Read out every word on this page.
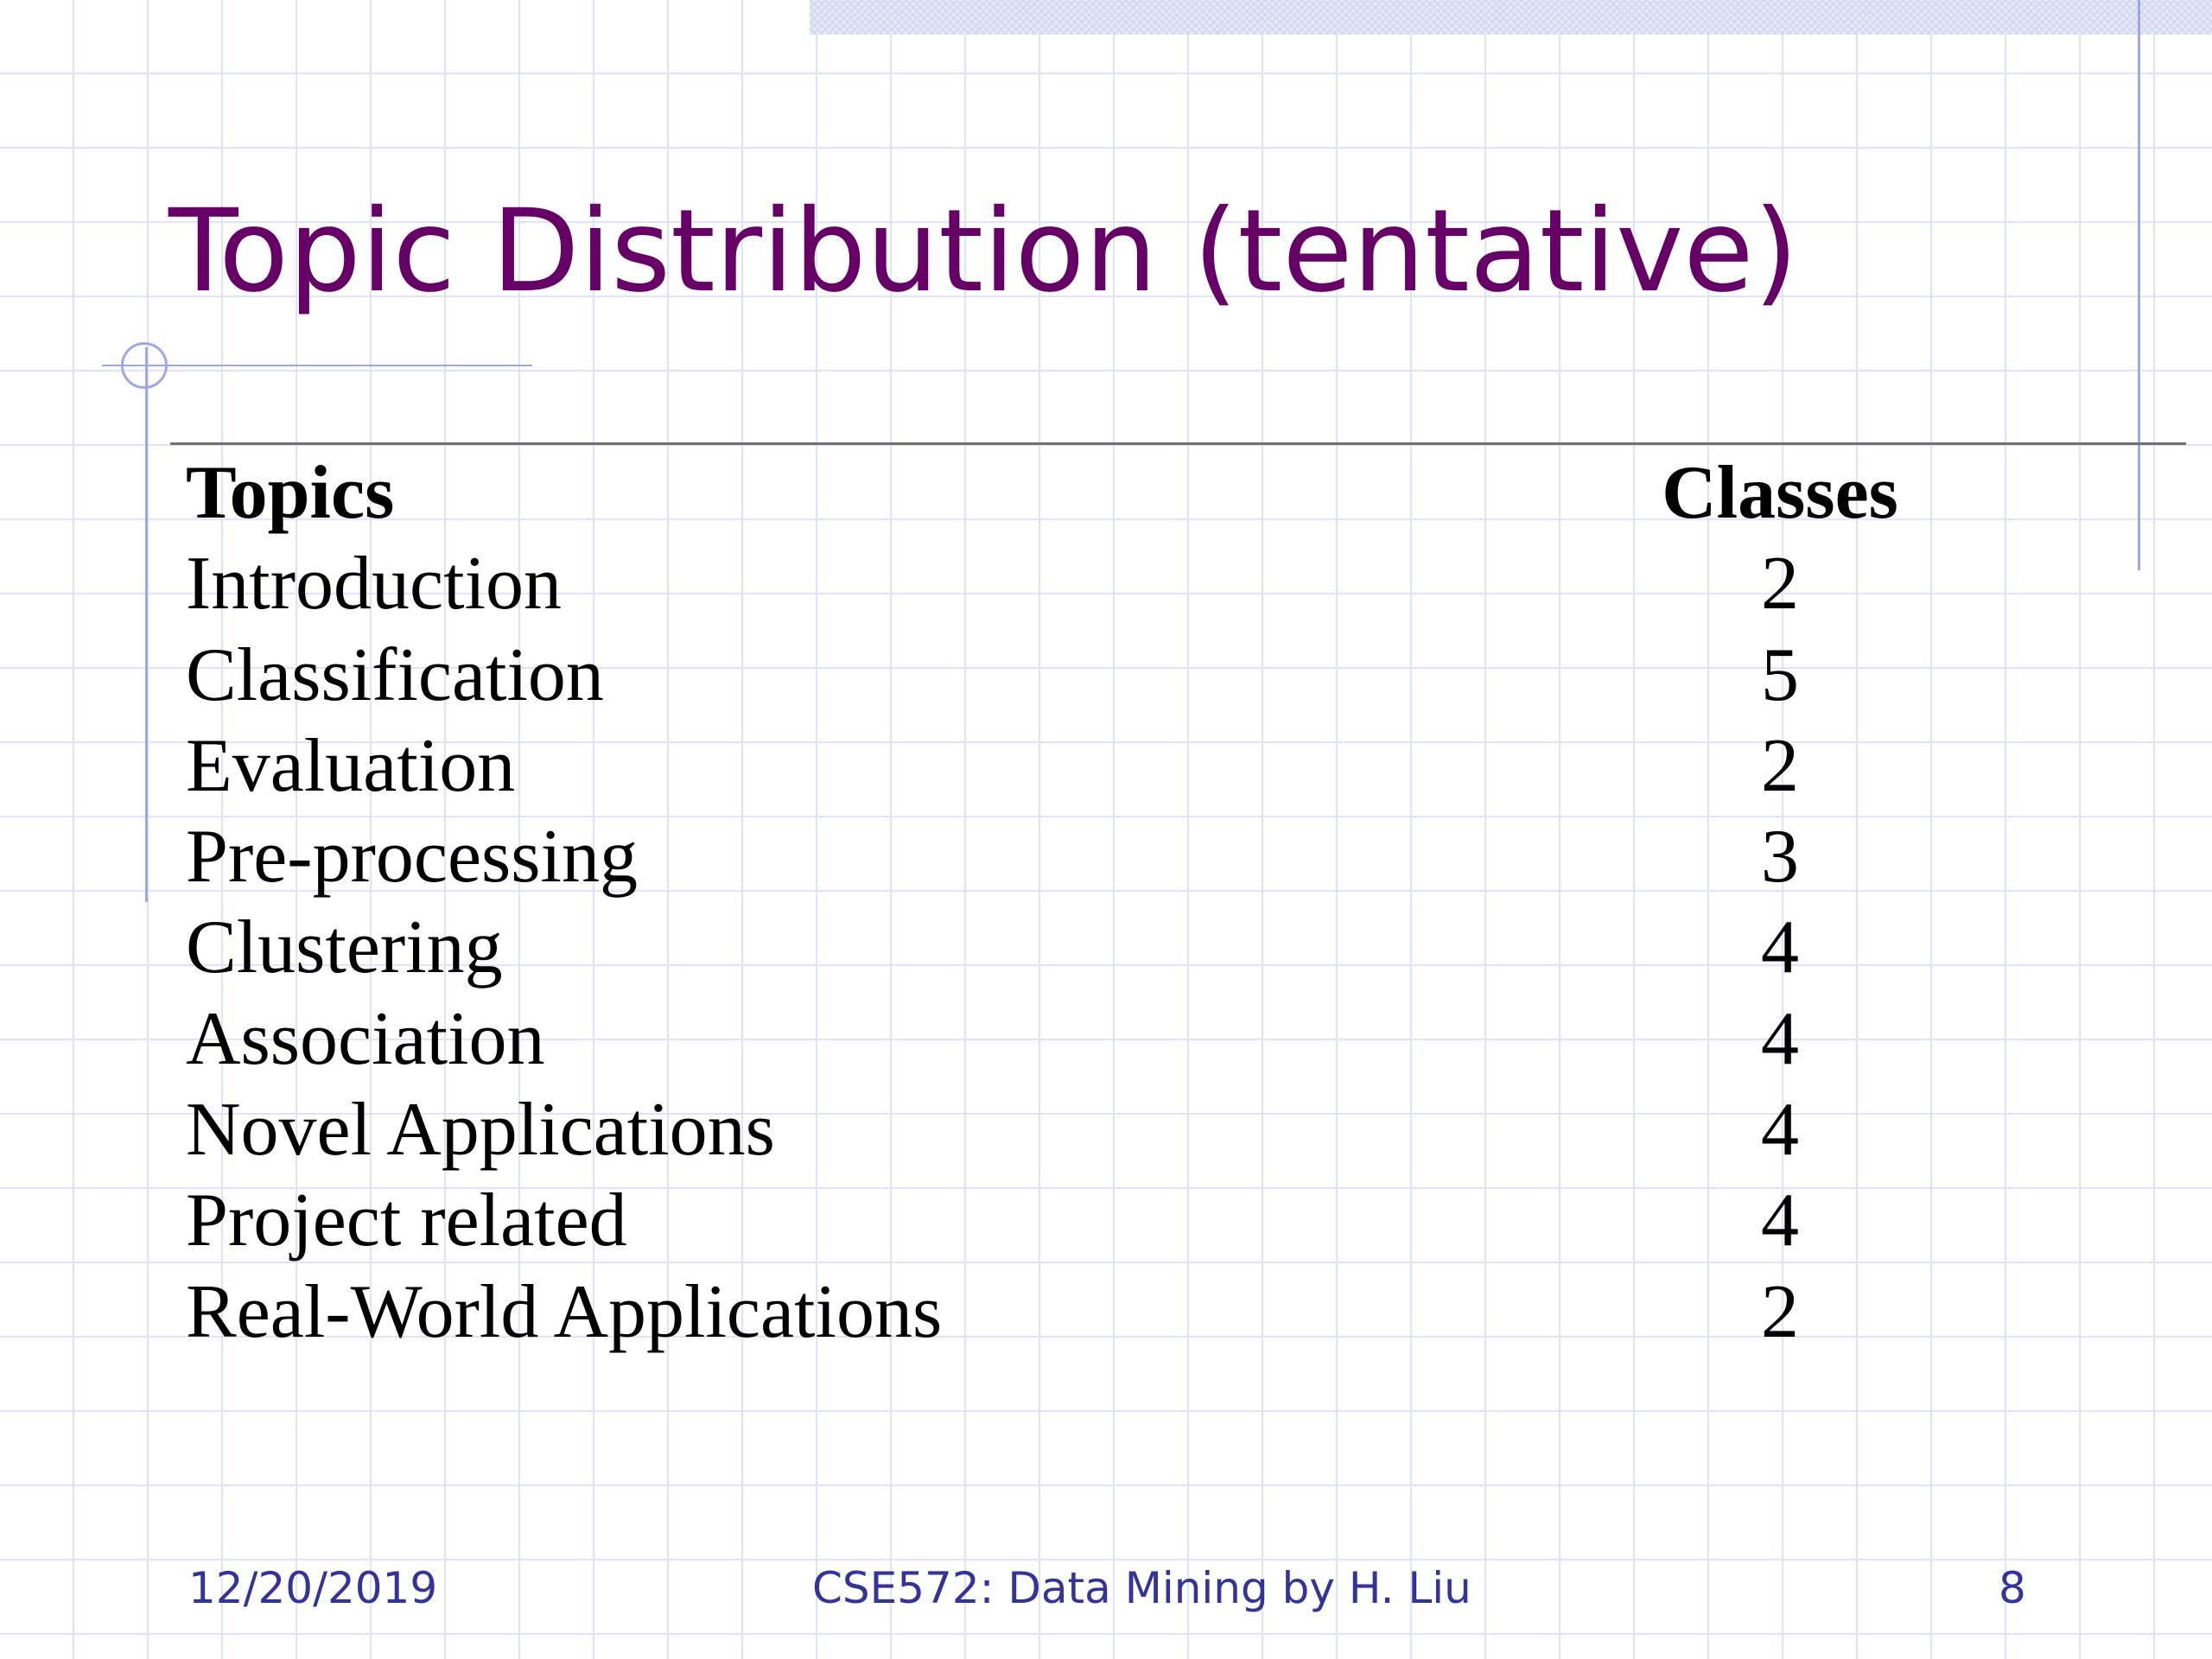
Topic Distribution (tentative)
Topics	Classes
Introduction	2
Classification	5
Evaluation	2
Pre-processing	3
Clustering	4
Association	4
Novel Applications	4
Project related	4
Real-World Applications	2
12/20/2019	CSE572: Data Mining by H. Liu	8
